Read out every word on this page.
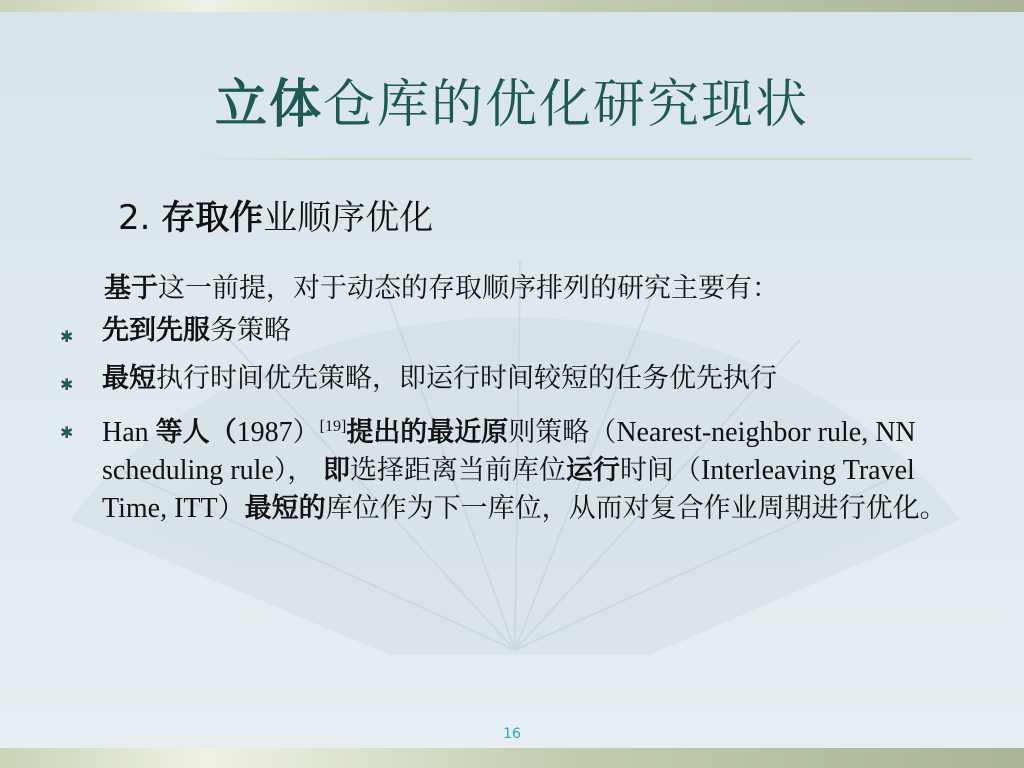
立体仓库的优化研究现状
2. 存取作业顺序优化
基于这一前提，对于动态的存取顺序排列的研究主要有：
✱ 先到先服务策略
✱ 最短执行时间优先策略，即运行时间较短的任务优先执行
✱ Han 等人（1987）[19]提出的最近原则策略（Nearest-neighbor rule, NN scheduling rule）， 即选择距离当前库位运行时间（Interleaving Travel Time, ITT）最短的库位作为下一库位，从而对复合作业周期进行优化。
16
